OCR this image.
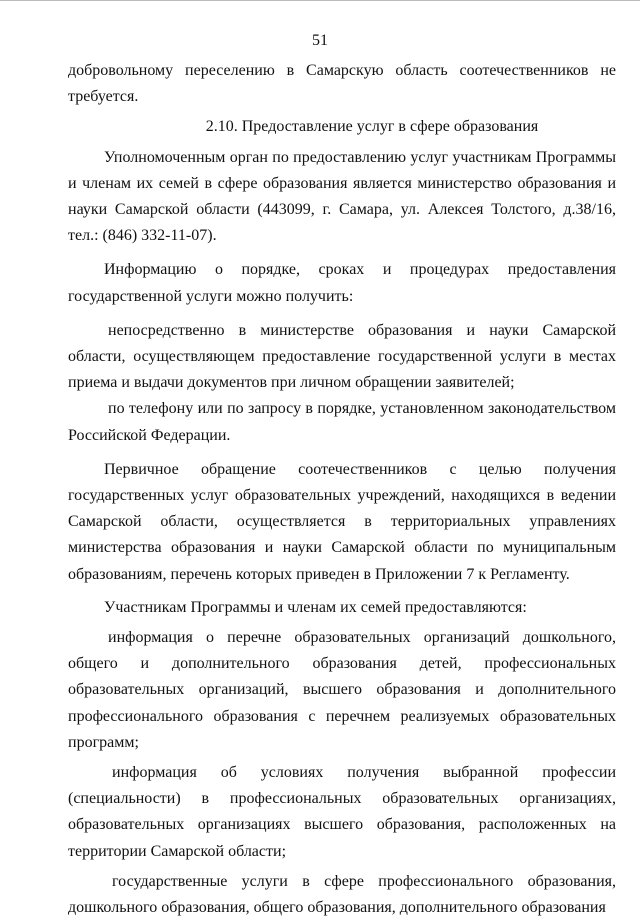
51

добровольному переселению в Самарскую область соотечественников не требуется.

2.10. Предоставление услуг в сфере образования

Уполномоченным орган по предоставлению услуг участникам Программы и членам их семей в сфере образования является министерство образования и науки Самарской области (443099, г. Самара, ул. Алексея Толстого, д.38/16, тел.: (846) 332-11-07).

Информацию о порядке, сроках и процедурах предоставления государственной услуги можно получить:

непосредственно в министерстве образования и науки Самарской области, осуществляющем предоставление государственной услуги в местах приема и выдачи документов при личном обращении заявителей;

по телефону или по запросу в порядке, установленном законодательством Российской Федерации.

Первичное обращение соотечественников с целью получения государственных услуг образовательных учреждений, находящихся в ведении Самарской области, осуществляется в территориальных управлениях министерства образования и науки Самарской области по муниципальным образованиям, перечень которых приведен в Приложении 7 к Регламенту.

Участникам Программы и членам их семей предоставляются:

информация о перечне образовательных организаций дошкольного, общего и дополнительного образования детей, профессиональных образовательных организаций, высшего образования и дополнительного профессионального образования с перечнем реализуемых образовательных программ;

информация об условиях получения выбранной профессии (специальности) в профессиональных образовательных организациях, образовательных организациях высшего образования, расположенных на территории Самарской области;

государственные услуги в сфере профессионального образования, дошкольного образования, общего образования, дополнительного образования
